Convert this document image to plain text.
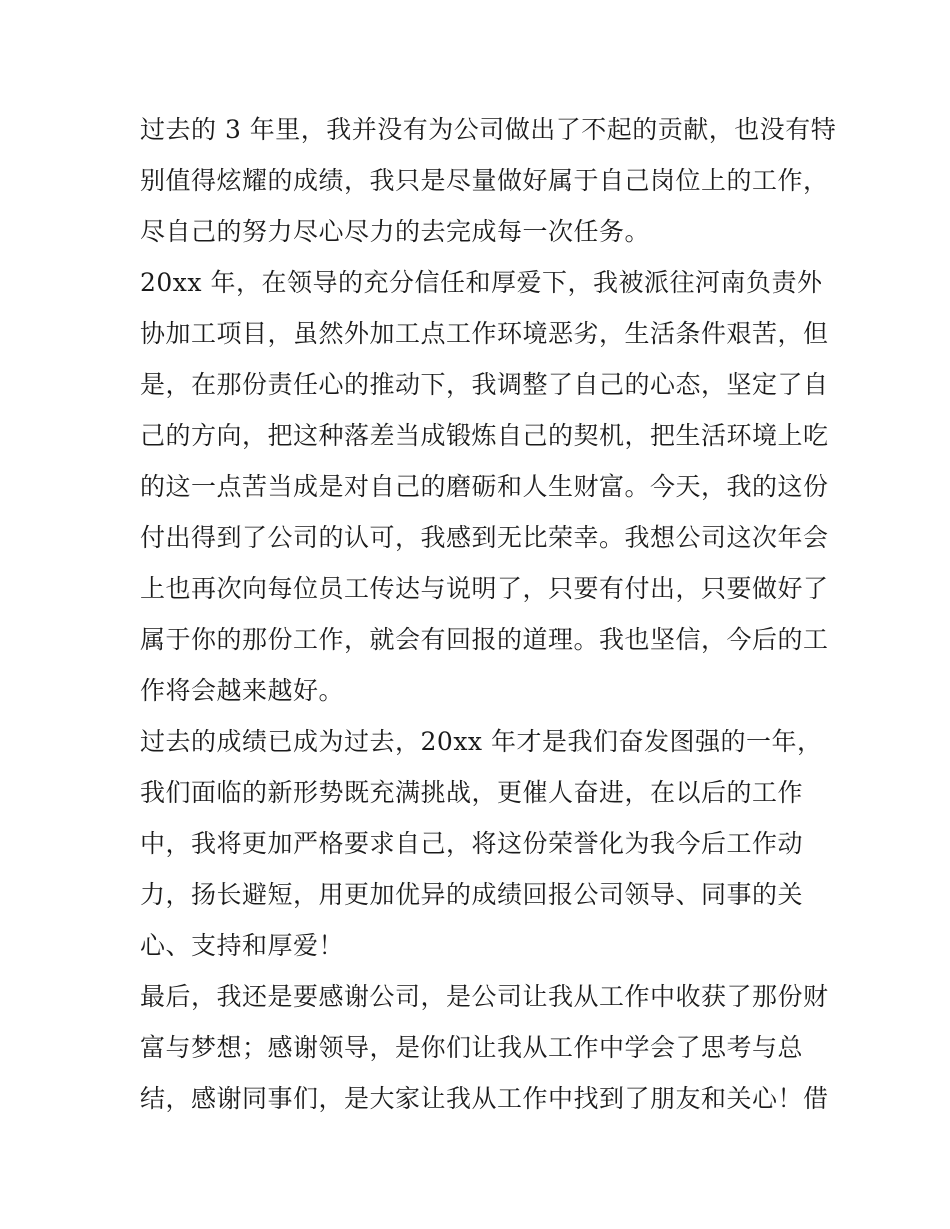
过去的 3 年里，我并没有为公司做出了不起的贡献，也没有特
别值得炫耀的成绩，我只是尽量做好属于自己岗位上的工作，
尽自己的努力尽心尽力的去完成每一次任务。
20xx 年，在领导的充分信任和厚爱下，我被派往河南负责外
协加工项目，虽然外加工点工作环境恶劣，生活条件艰苦，但
是，在那份责任心的推动下，我调整了自己的心态，坚定了自
己的方向，把这种落差当成锻炼自己的契机，把生活环境上吃
的这一点苦当成是对自己的磨砺和人生财富。今天，我的这份
付出得到了公司的认可，我感到无比荣幸。我想公司这次年会
上也再次向每位员工传达与说明了，只要有付出，只要做好了
属于你的那份工作，就会有回报的道理。我也坚信，今后的工
作将会越来越好。
过去的成绩已成为过去，20xx 年才是我们奋发图强的一年，
我们面临的新形势既充满挑战，更催人奋进，在以后的工作
中，我将更加严格要求自己，将这份荣誉化为我今后工作动
力，扬长避短，用更加优异的成绩回报公司领导、同事的关
心、支持和厚爱！
最后，我还是要感谢公司，是公司让我从工作中收获了那份财
富与梦想；感谢领导，是你们让我从工作中学会了思考与总
结，感谢同事们，是大家让我从工作中找到了朋友和关心！借
